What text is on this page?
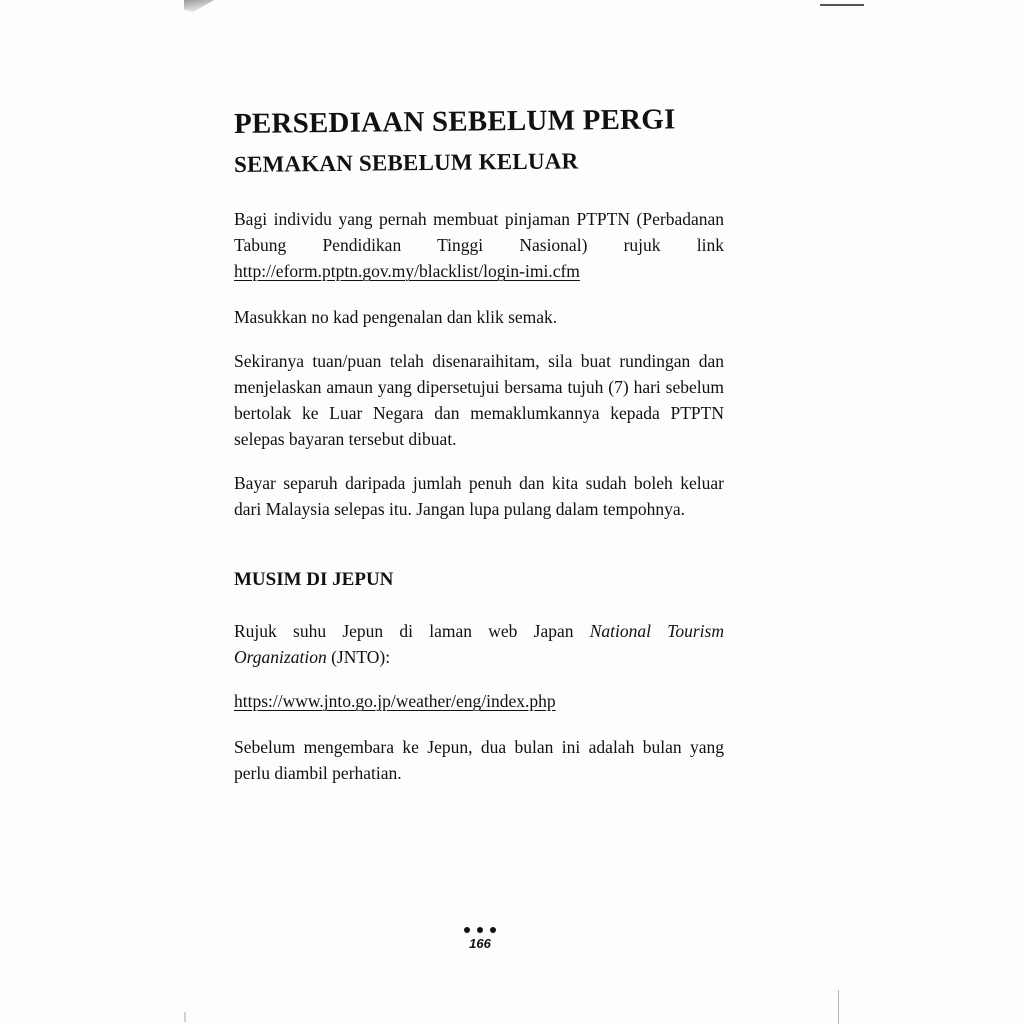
PERSEDIAAN SEBELUM PERGI
SEMAKAN SEBELUM KELUAR

Bagi individu yang pernah membuat pinjaman PTPTN (Perbadanan Tabung Pendidikan Tinggi Nasional) rujuk link http://eform.ptptn.gov.my/blacklist/login-imi.cfm

Masukkan no kad pengenalan dan klik semak.

Sekiranya tuan/puan telah disenaraihitam, sila buat rundingan dan menjelaskan amaun yang dipersetujui bersama tujuh (7) hari sebelum bertolak ke Luar Negara dan memaklumkannya kepada PTPTN selepas bayaran tersebut dibuat.

Bayar separuh daripada jumlah penuh dan kita sudah boleh keluar dari Malaysia selepas itu. Jangan lupa pulang dalam tempohnya.

MUSIM DI JEPUN

Rujuk suhu Jepun di laman web Japan National Tourism Organization (JNTO):

https://www.jnto.go.jp/weather/eng/index.php

Sebelum mengembara ke Jepun, dua bulan ini adalah bulan yang perlu diambil perhatian.

166
